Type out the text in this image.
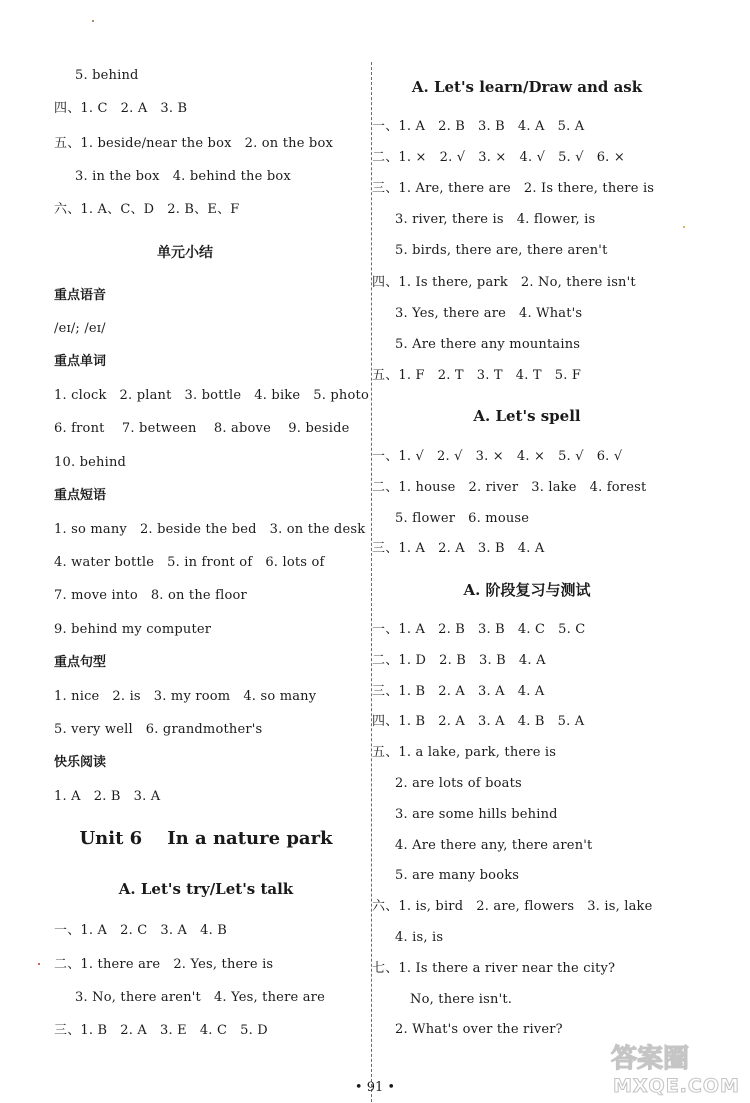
5. behind
四、1. C   2. A   3. B
五、1. beside/near the box   2. on the box
3. in the box   4. behind the box
六、1. A、C、D   2. B、E、F
单元小结
重点语音
/eɪ/; /eɪ/
重点单词
1. clock   2. plant   3. bottle   4. bike   5. photo
6. front    7. between    8. above    9. beside
10. behind
重点短语
1. so many   2. beside the bed   3. on the desk
4. water bottle   5. in front of   6. lots of
7. move into   8. on the floor
9. behind my computer
重点句型
1. nice   2. is   3. my room   4. so many
5. very well   6. grandmother's
快乐阅读
1. A   2. B   3. A
Unit 6    In a nature park
A. Let's try/Let's talk
一、1. A   2. C   3. A   4. B
二、1. there are   2. Yes, there is
3. No, there aren't   4. Yes, there are
三、1. B   2. A   3. E   4. C   5. D
A. Let's learn/Draw and ask
一、1. A   2. B   3. B   4. A   5. A
二、1. ×   2. √   3. ×   4. √   5. √   6. ×
三、1. Are, there are   2. Is there, there is
3. river, there is   4. flower, is
5. birds, there are, there aren't
四、1. Is there, park   2. No, there isn't
3. Yes, there are   4. What's
5. Are there any mountains
五、1. F   2. T   3. T   4. T   5. F
A. Let's spell
一、1. √   2. √   3. ×   4. ×   5. √   6. √
二、1. house   2. river   3. lake   4. forest
5. flower   6. mouse
三、1. A   2. A   3. B   4. A
A. 阶段复习与测试
一、1. A   2. B   3. B   4. C   5. C
二、1. D   2. B   3. B   4. A
三、1. B   2. A   3. A   4. A
四、1. B   2. A   3. A   4. B   5. A
五、1. a lake, park, there is
2. are lots of boats
3. are some hills behind
4. Are there any, there aren't
5. are many books
六、1. is, bird   2. are, flowers   3. is, lake
4. is, is
七、1. Is there a river near the city?
No, there isn't.
2. What's over the river?
• 91 •
答案圈
MXQE.COM
